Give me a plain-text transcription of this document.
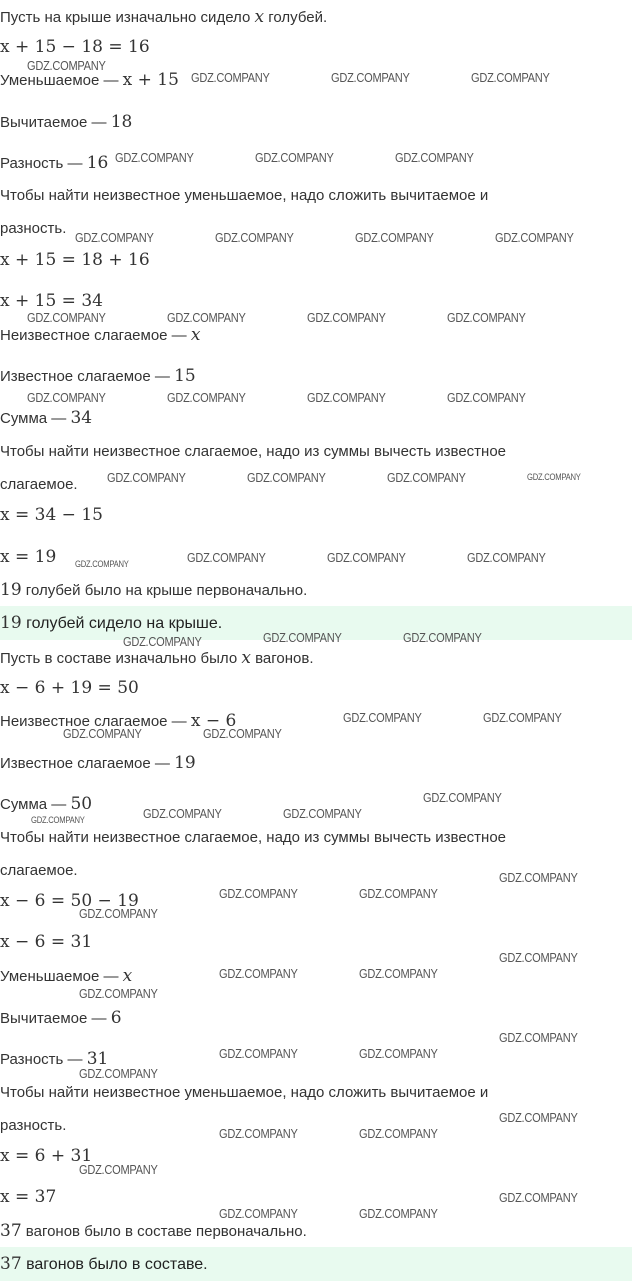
Пусть на крыше изначально сидело x голубей.
x + 15 − 18 = 16
Уменьшаемое — x + 15
Вычитаемое — 18
Разность — 16
Чтобы найти неизвестное уменьшаемое, надо сложить вычитаемое и
разность.
x + 15 = 18 + 16
x + 15 = 34
Неизвестное слагаемое — x
Известное слагаемое — 15
Сумма — 34
Чтобы найти неизвестное слагаемое, надо из суммы вычесть известное
слагаемое.
x = 34 − 15
x = 19
19 голубей было на крыше первоначально.
19 голубей сидело на крыше.
Пусть в составе изначально было x вагонов.
x − 6 + 19 = 50
Неизвестное слагаемое — x − 6
Известное слагаемое — 19
Сумма — 50
Чтобы найти неизвестное слагаемое, надо из суммы вычесть известное
слагаемое.
x − 6 = 50 − 19
x − 6 = 31
Уменьшаемое — x
Вычитаемое — 6
Разность — 31
Чтобы найти неизвестное уменьшаемое, надо сложить вычитаемое и
разность.
x = 6 + 31
x = 37
37 вагонов было в составе первоначально.
37 вагонов было в составе.
GDZ.COMPANY
GDZ.COMPANY	GDZ.COMPANY	GDZ.COMPANY
GDZ.COMPANY	GDZ.COMPANY	GDZ.COMPANY
GDZ.COMPANY	GDZ.COMPANY	GDZ.COMPANY	GDZ.COMPANY
GDZ.COMPANY	GDZ.COMPANY	GDZ.COMPANY	GDZ.COMPANY
GDZ.COMPANY	GDZ.COMPANY	GDZ.COMPANY	GDZ.COMPANY
GDZ.COMPANY	GDZ.COMPANY	GDZ.COMPANY	GDZ.COMPANY
GDZ.COMPANY	GDZ.COMPANY	GDZ.COMPANY	GDZ.COMPANY
GDZ.COMPANY	GDZ.COMPANY	GDZ.COMPANY
GDZ.COMPANY	GDZ.COMPANY
GDZ.COMPANY	GDZ.COMPANY
GDZ.COMPANY
GDZ.COMPANY	GDZ.COMPANY
GDZ.COMPANY
GDZ.COMPANY
GDZ.COMPANY	GDZ.COMPANY
GDZ.COMPANY
GDZ.COMPANY
GDZ.COMPANY	GDZ.COMPANY
GDZ.COMPANY
GDZ.COMPANY
GDZ.COMPANY	GDZ.COMPANY
GDZ.COMPANY
GDZ.COMPANY
GDZ.COMPANY	GDZ.COMPANY
GDZ.COMPANY
GDZ.COMPANY
GDZ.COMPANY	GDZ.COMPANY
